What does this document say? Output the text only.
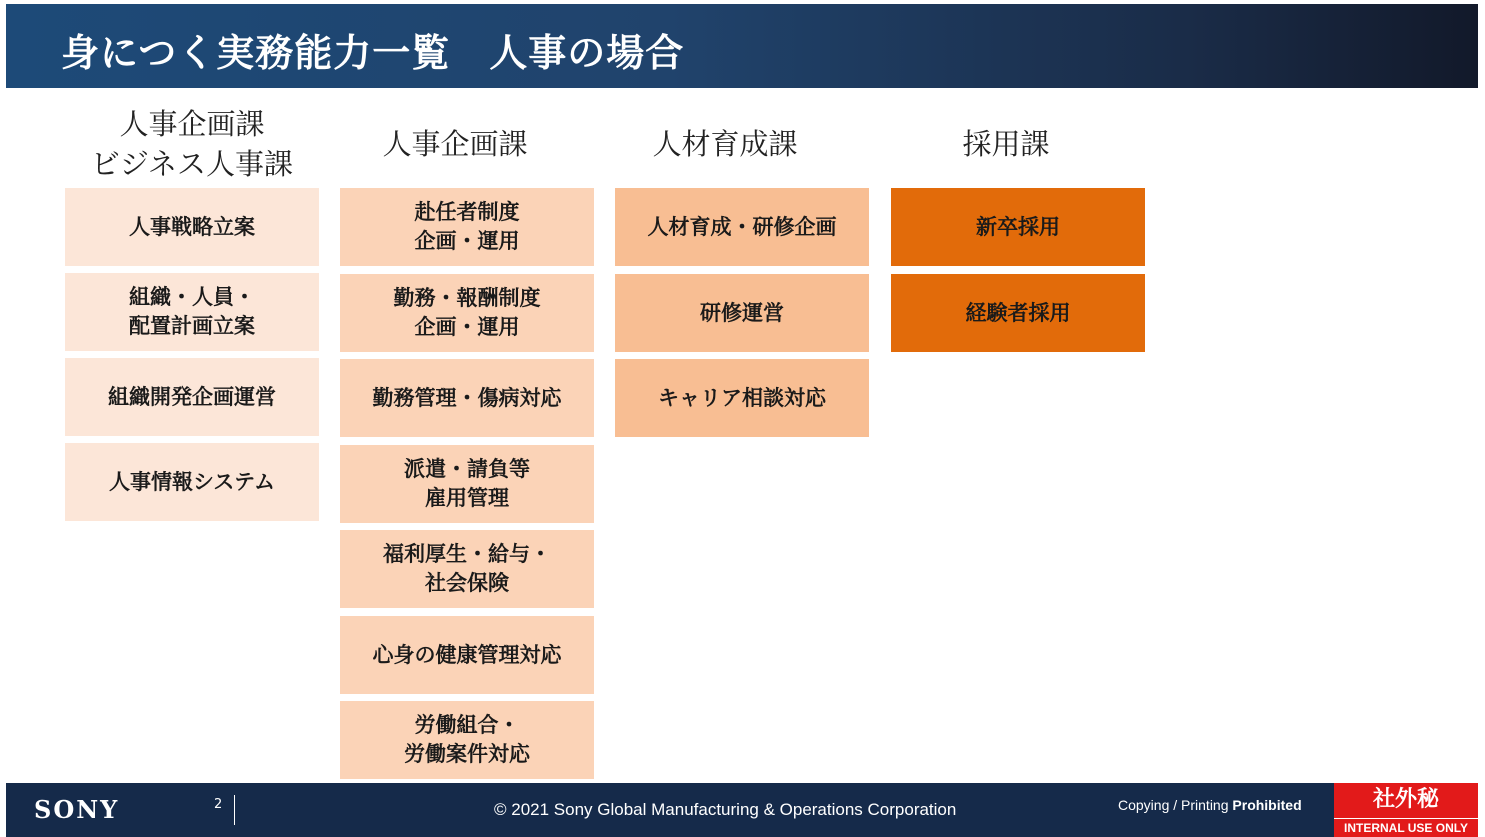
身につく実務能力一覧　人事の場合
人事企画課
ビジネス人事課
人事企画課	人材育成課	採用課
人事戦略立案
組織・人員・
配置計画立案
組織開発企画運営
人事情報システム
赴任者制度
企画・運用
勤務・報酬制度
企画・運用
勤務管理・傷病対応
派遣・請負等
雇用管理
福利厚生・給与・
社会保険
心身の健康管理対応
労働組合・
労働案件対応
人材育成・研修企画
研修運営
キャリア相談対応
新卒採用
経験者採用
SONY	2	© 2021 Sony Global Manufacturing & Operations Corporation	Copying / Printing Prohibited	社外秘
INTERNAL USE ONLY
